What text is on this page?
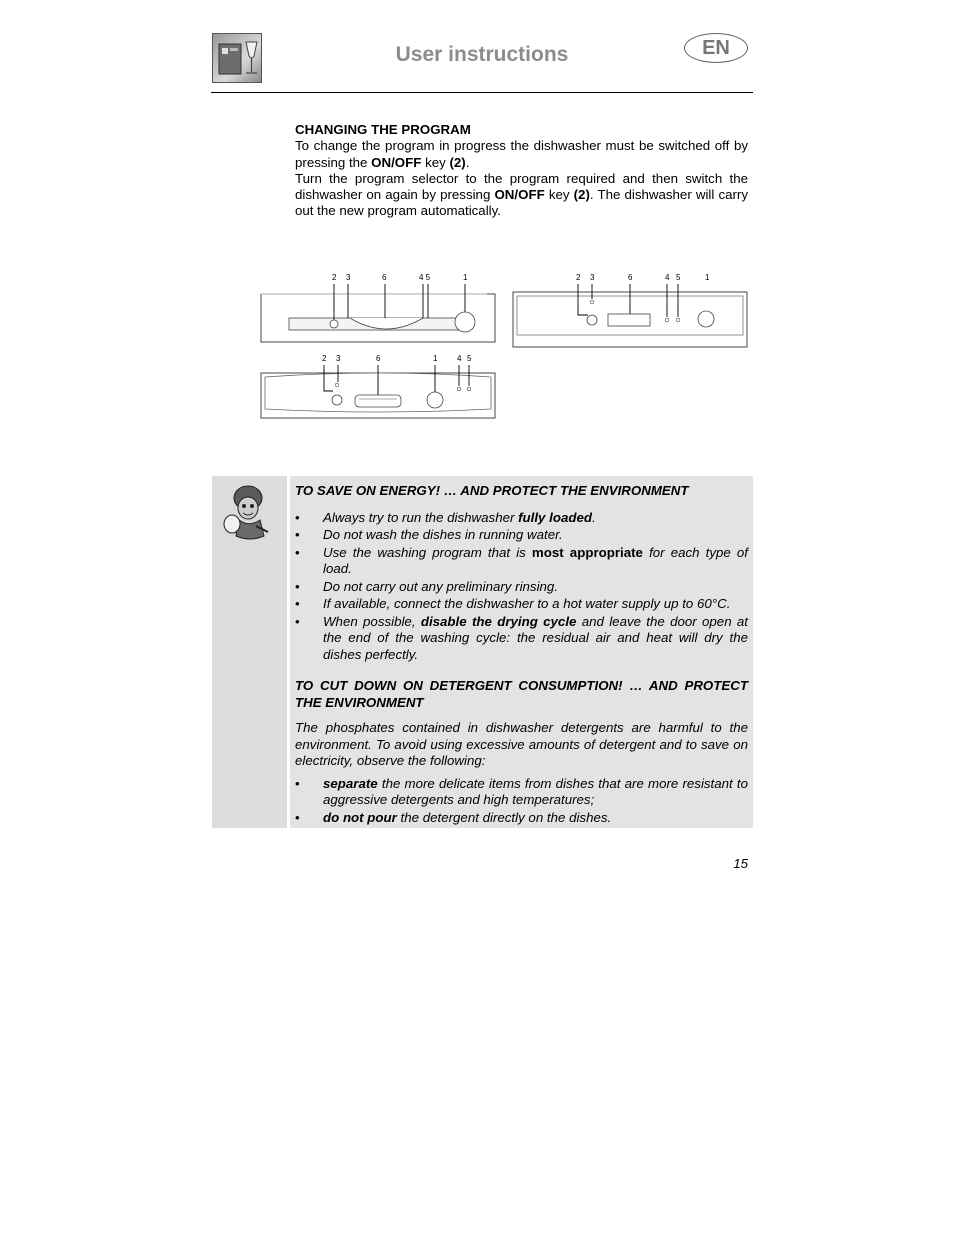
User instructions	EN
CHANGING THE PROGRAM

To change the program in progress the dishwasher must be switched off by pressing the ON/OFF key (2).

Turn the program selector to the program required and then switch the dishwasher on again by pressing ON/OFF key (2). The dishwasher will carry out the new program automatically.

2 3	6	4 5	1	2 3	6	4 5	1
2 3	6	1 4 5
TO SAVE ON ENERGY! … AND PROTECT THE ENVIRONMENT
• Always try to run the dishwasher fully loaded.
• Do not wash the dishes in running water.
• Use the washing program that is most appropriate for each type of load.
• Do not carry out any preliminary rinsing.
• If available, connect the dishwasher to a hot water supply up to 60°C.
• When possible, disable the drying cycle and leave the door open at the end of the washing cycle: the residual air and heat will dry the dishes perfectly.
TO CUT DOWN ON DETERGENT CONSUMPTION! … AND PROTECT THE ENVIRONMENT

The phosphates contained in dishwasher detergents are harmful to the environment. To avoid using excessive amounts of detergent and to save on electricity, observe the following:

• separate the more delicate items from dishes that are more resistant to aggressive detergents and high temperatures;
• do not pour the detergent directly on the dishes.
15
